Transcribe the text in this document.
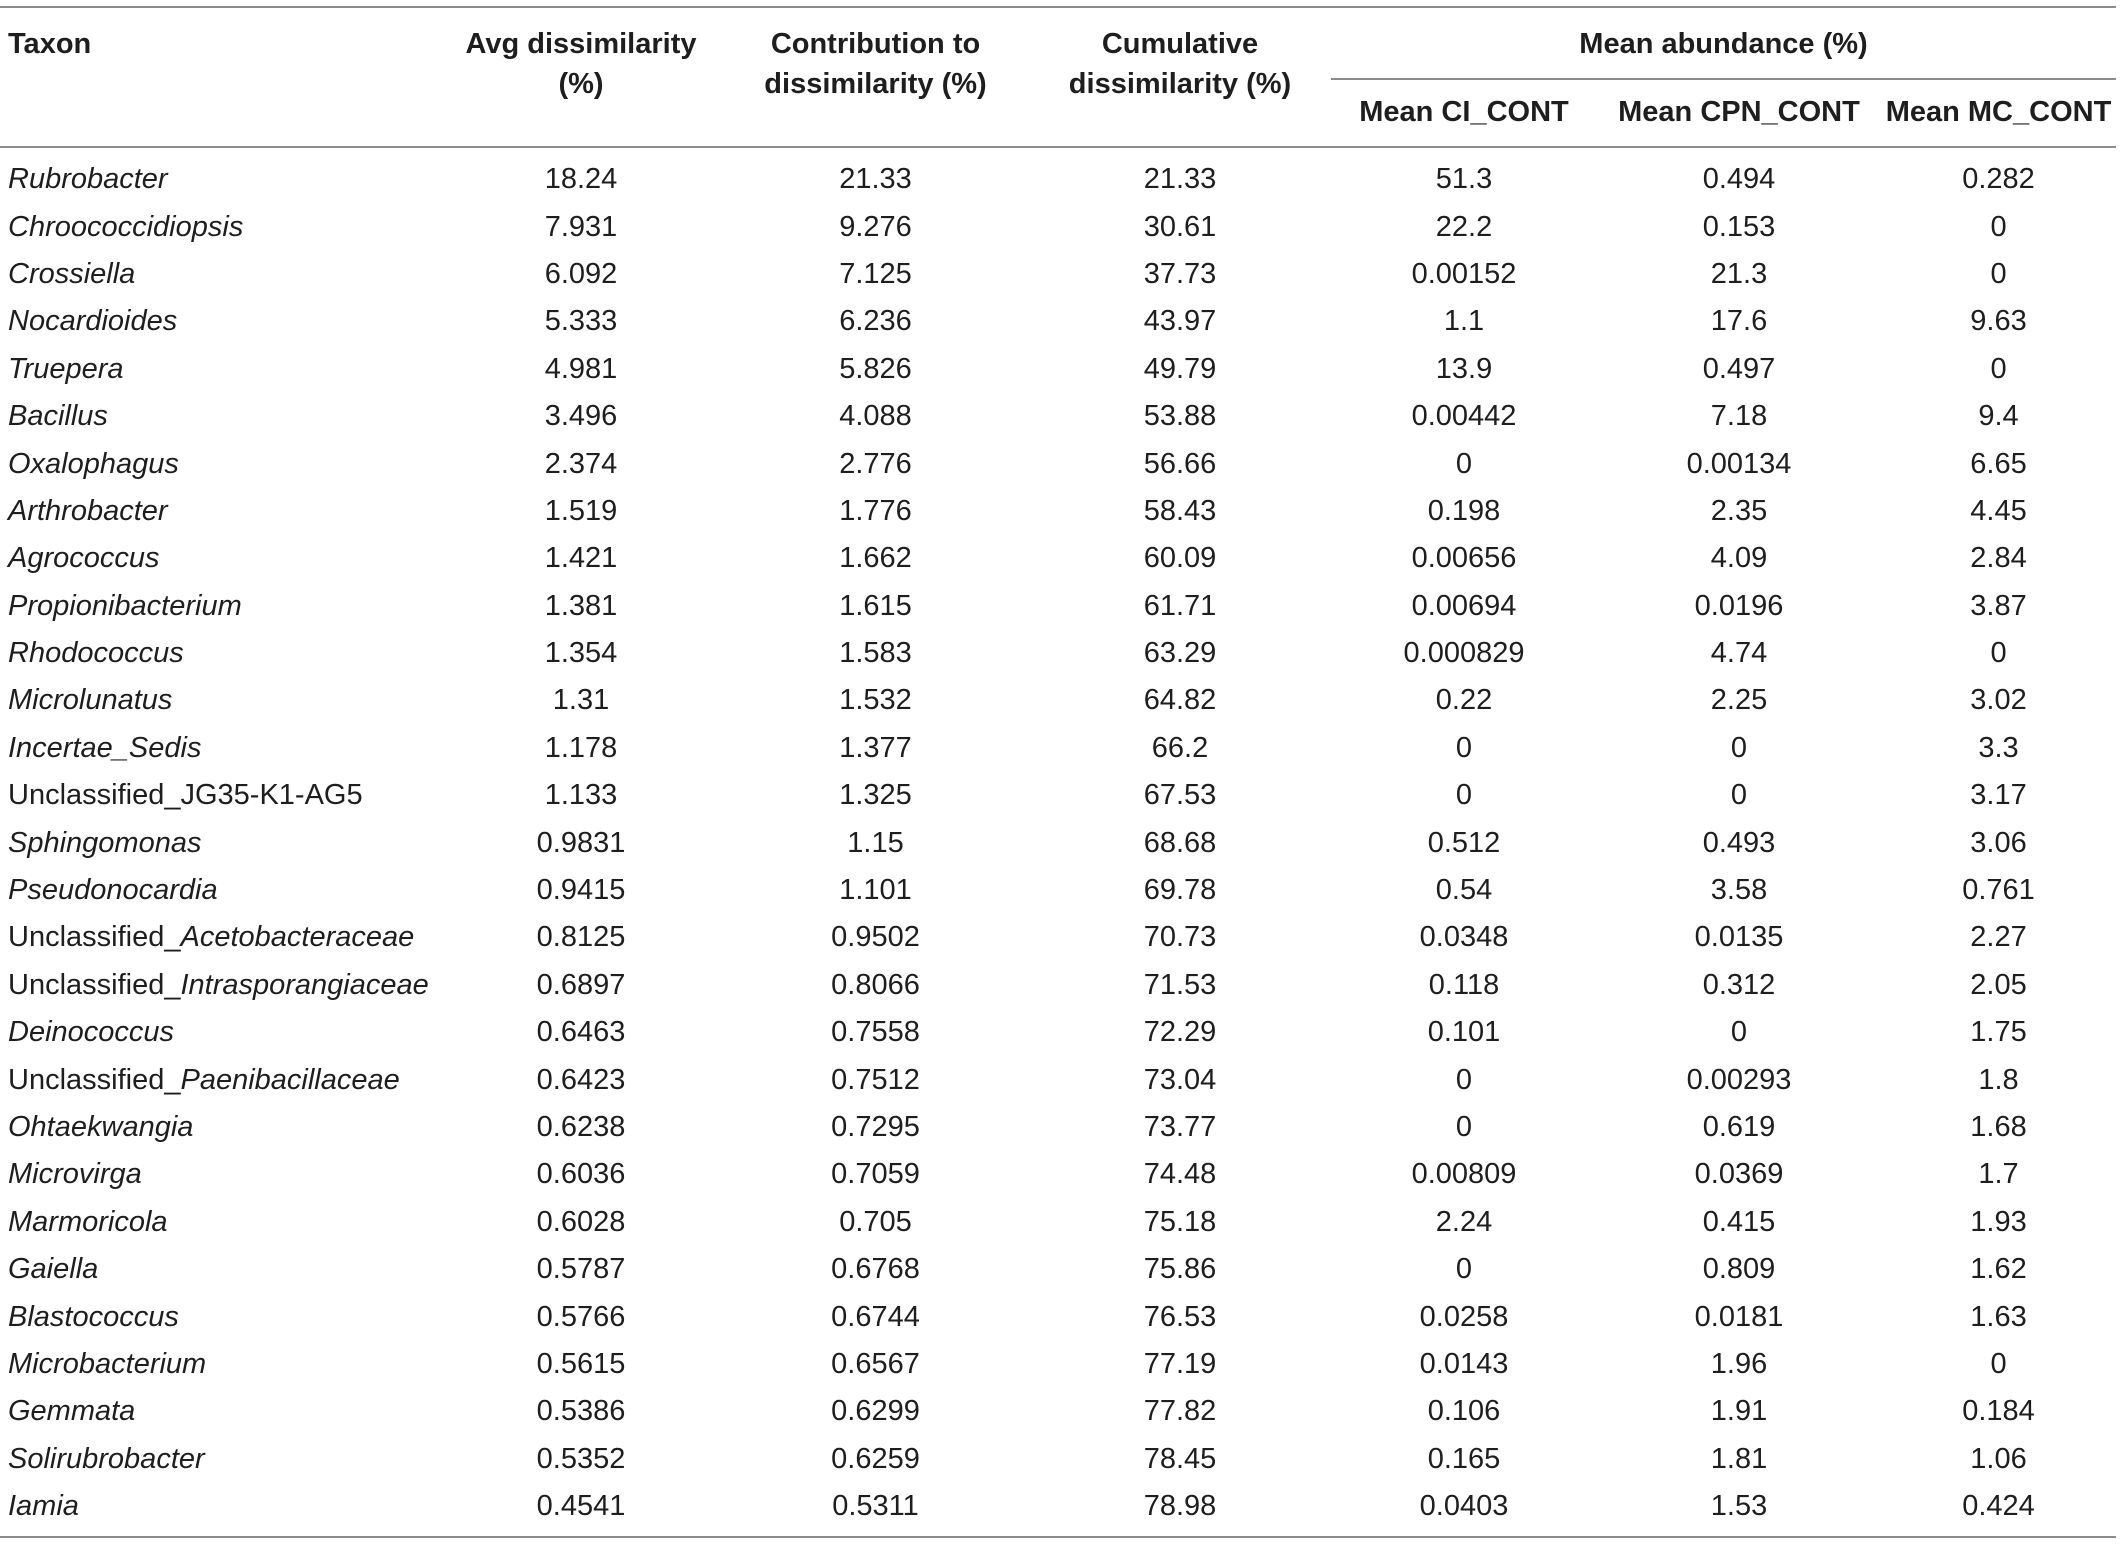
Taxon	Avg dissimilarity (%)	Contribution to dissimilarity (%)	Cumulative dissimilarity (%)	Mean abundance (%)		
				Mean CI_CONT	Mean CPN_CONT	Mean MC_CONT
Rubrobacter	18.24	21.33	21.33	51.3	0.494	0.282
Chroococcidiopsis	7.931	9.276	30.61	22.2	0.153	0
Crossiella	6.092	7.125	37.73	0.00152	21.3	0
Nocardioides	5.333	6.236	43.97	1.1	17.6	9.63
Truepera	4.981	5.826	49.79	13.9	0.497	0
Bacillus	3.496	4.088	53.88	0.00442	7.18	9.4
Oxalophagus	2.374	2.776	56.66	0	0.00134	6.65
Arthrobacter	1.519	1.776	58.43	0.198	2.35	4.45
Agrococcus	1.421	1.662	60.09	0.00656	4.09	2.84
Propionibacterium	1.381	1.615	61.71	0.00694	0.0196	3.87
Rhodococcus	1.354	1.583	63.29	0.000829	4.74	0
Microlunatus	1.31	1.532	64.82	0.22	2.25	3.02
Incertae_Sedis	1.178	1.377	66.2	0	0	3.3
Unclassified_JG35-K1-AG5	1.133	1.325	67.53	0	0	3.17
Sphingomonas	0.9831	1.15	68.68	0.512	0.493	3.06
Pseudonocardia	0.9415	1.101	69.78	0.54	3.58	0.761
Unclassified_Acetobacteraceae	0.8125	0.9502	70.73	0.0348	0.0135	2.27
Unclassified_Intrasporangiaceae	0.6897	0.8066	71.53	0.118	0.312	2.05
Deinococcus	0.6463	0.7558	72.29	0.101	0	1.75
Unclassified_Paenibacillaceae	0.6423	0.7512	73.04	0	0.00293	1.8
Ohtaekwangia	0.6238	0.7295	73.77	0	0.619	1.68
Microvirga	0.6036	0.7059	74.48	0.00809	0.0369	1.7
Marmoricola	0.6028	0.705	75.18	2.24	0.415	1.93
Gaiella	0.5787	0.6768	75.86	0	0.809	1.62
Blastococcus	0.5766	0.6744	76.53	0.0258	0.0181	1.63
Microbacterium	0.5615	0.6567	77.19	0.0143	1.96	0
Gemmata	0.5386	0.6299	77.82	0.106	1.91	0.184
Solirubrobacter	0.5352	0.6259	78.45	0.165	1.81	1.06
Iamia	0.4541	0.5311	78.98	0.0403	1.53	0.424
